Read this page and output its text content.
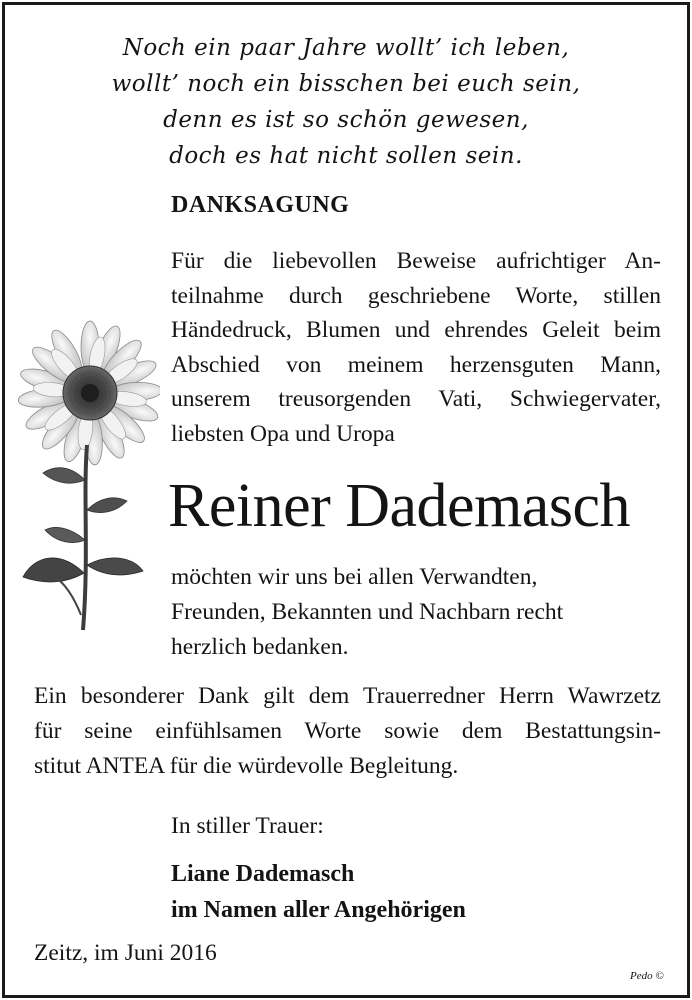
Noch ein paar Jahre wollt’ ich leben,
wollt’ noch ein bisschen bei euch sein,
denn es ist so schön gewesen,
doch es hat nicht sollen sein.
DANKSAGUNG
Für die liebevollen Beweise aufrichtiger An-
teilnahme durch geschriebene Worte, stillen
Händedruck, Blumen und ehrendes Geleit beim
Abschied von meinem herzensguten Mann,
unserem treusorgenden Vati, Schwiegervater,
liebsten Opa und Uropa
Reiner Dademasch
möchten wir uns bei allen Verwandten,
Freunden, Bekannten und Nachbarn recht
herzlich bedanken.
Ein besonderer Dank gilt dem Trauerredner Herrn Wawrzetz
für seine einfühlsamen Worte sowie dem Bestattungsin-
stitut ANTEA für die würdevolle Begleitung.
In stiller Trauer:
Liane Dademasch
im Namen aller Angehörigen
Zeitz, im Juni 2016
Pedo ©
